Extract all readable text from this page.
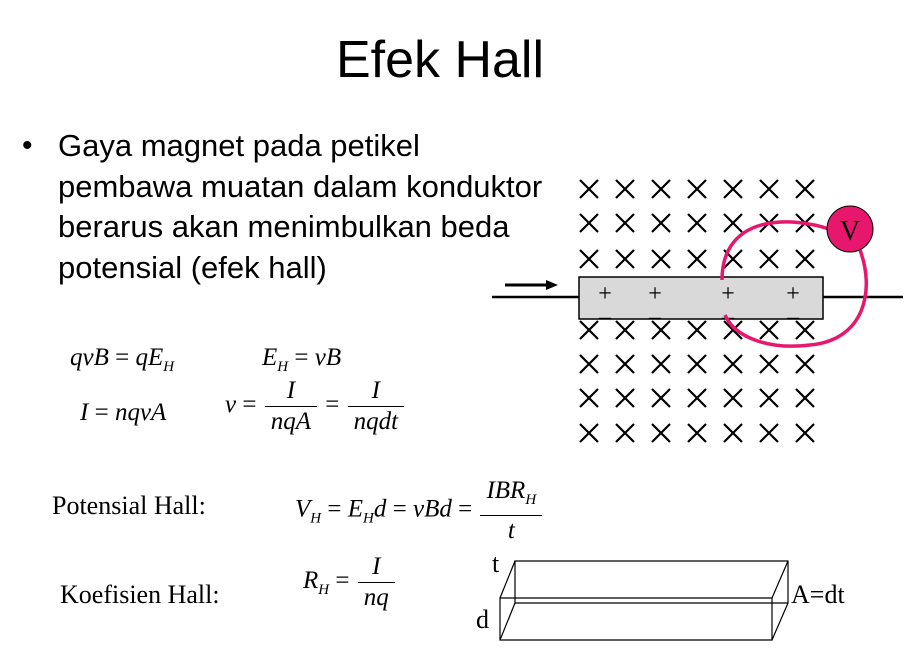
Efek Hall
• Gaya magnet pada petikel pembawa muatan dalam konduktor berarus akan menimbulkan beda potensial (efek hall)
qvB = $qE_H$	$E_H$ = vB
I = nqvA $v = \frac{I}{\text{nqA}} = \frac{I}{\text{nqdt}}$
Potensial Hall:	$V_H = E_Hd$ = vBd = $\frac{IBR_H}{t}$
Koefisien Hall:	$R_H = \frac{I}{nq}$
+
–
+
–
+
–
+
–
V
t
d
A=dt
